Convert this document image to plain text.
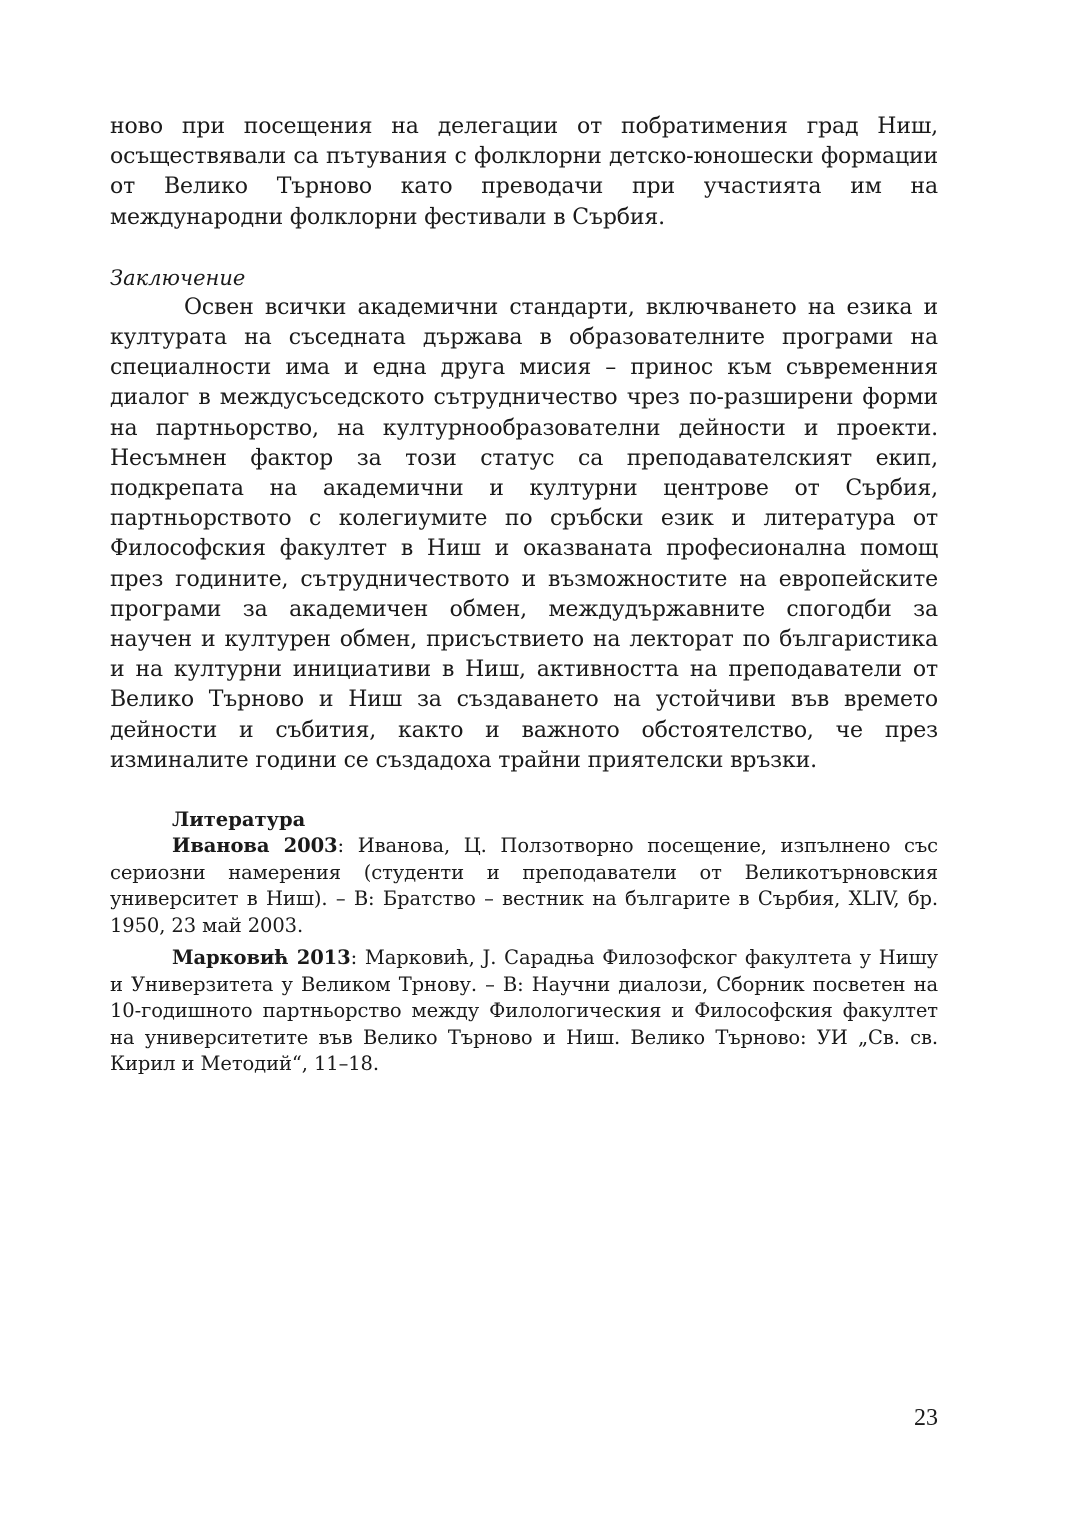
ново при посещения на делегации от побратимения град Ниш, осъществявали са пътувания с фолклорни детско-юношески формации от Велико Търново като преводачи при участията им на международни фолклорни фестивали в Сърбия.

Заключение

Освен всички академични стандарти, включването на езика и културата на съседната държава в образователните програми на специалности има и една друга мисия – принос към съвременния диалог в междусъседското сътрудничество чрез по-разширени форми на партньорство, на културнообразователни дейности и проекти. Несъмнен фактор за този статус са преподавателският екип, подкрепата на академични и културни центрове от Сърбия, партньорството с колегиумите по сръбски език и литература от Философския факултет в Ниш и оказваната професионална помощ през годините, сътрудничеството и възможностите на европейските програми за академичен обмен, междудържавните спогодби за научен и културен обмен, присъствието на лекторат по българистика и на културни инициативи в Ниш, активността на преподаватели от Велико Търново и Ниш за създаването на устойчиви във времето дейности и събития, както и важното обстоятелство, че през изминалите години се създадоха трайни приятелски връзки.

Литература

Иванова 2003: Иванова, Ц. Ползотворно посещение, изпълнено със сериозни намерения (студенти и преподаватели от Великотърновския университет в Ниш). – В: Братство – вестник на българите в Сърбия, XLIV, бр. 1950, 23 май 2003.

Марковић 2013: Марковић, Ј. Сарадња Филозофског факултета у Нишу и Универзитета у Великом Трнову. – В: Научни диалози, Сборник посветен на 10-годишното партньорство между Филологическия и Философския факултет на университетите във Велико Търново и Ниш. Велико Търново: УИ „Св. св. Кирил и Методий“, 11–18.

23
